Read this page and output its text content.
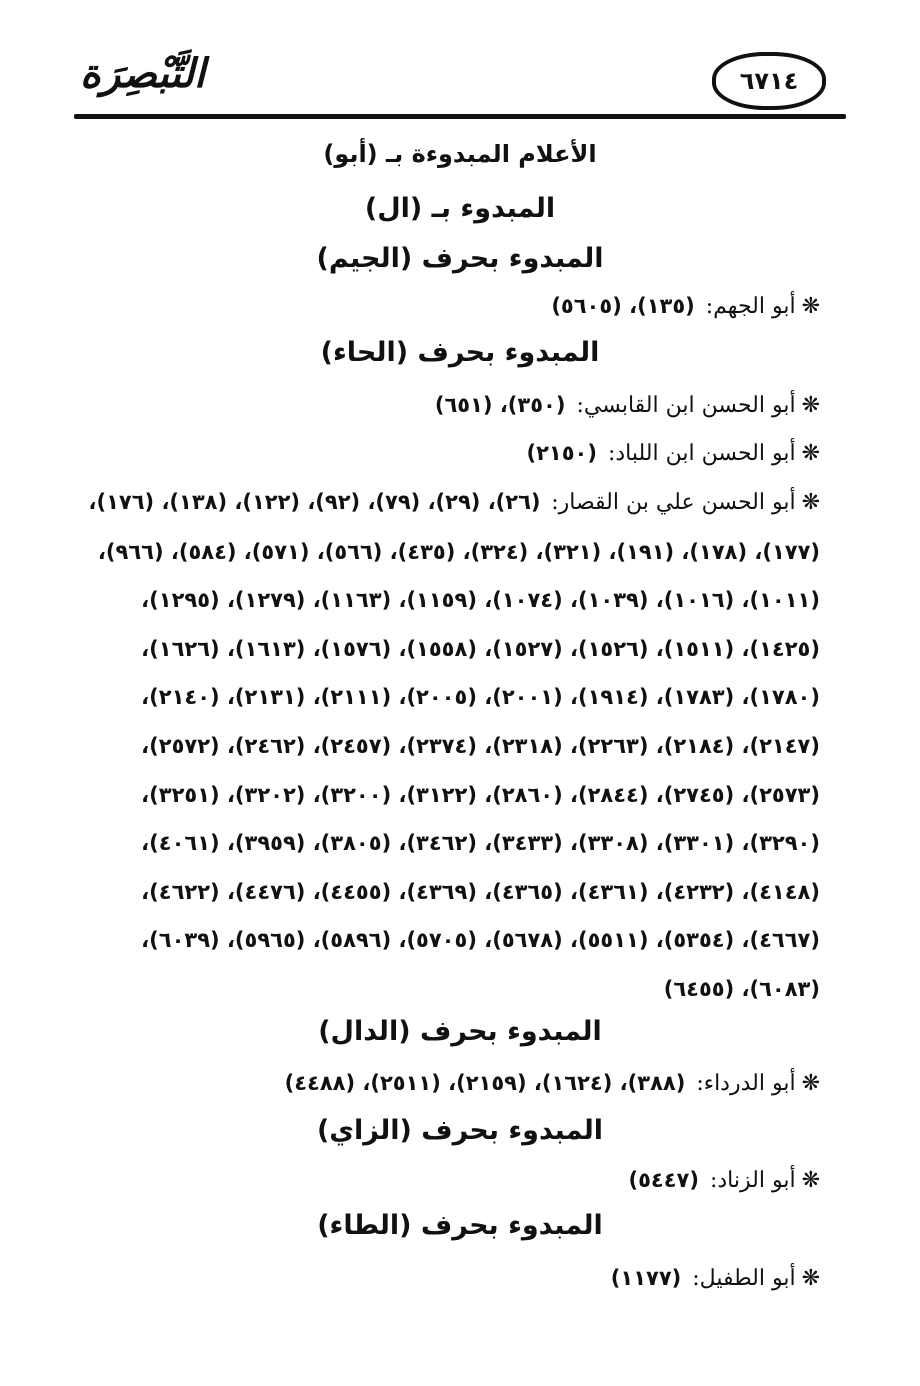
٦٧١٤
التَّبْصِرَة
الأعلام المبدوءة بـ (أبو)
المبدوء بـ (ال)
المبدوء بحرف (الجيم)
❋أبو الجهم: (١٣٥)، (٥٦٠٥)
المبدوء بحرف (الحاء)
❋أبو الحسن ابن القابسي: (٣٥٠)، (٦٥١)
❋أبو الحسن ابن اللباد: (٢١٥٠)
❋أبو الحسن علي بن القصار: (٢٦)، (٢٩)، (٧٩)، (٩٢)، (١٢٢)، (١٣٨)، (١٧٦)،
(١٧٧)، (١٧٨)، (١٩١)، (٣٢١)، (٣٢٤)، (٤٣٥)، (٥٦٦)، (٥٧١)، (٥٨٤)، (٩٦٦)،
(١٠١١)، (١٠١٦)، (١٠٣٩)، (١٠٧٤)، (١١٥٩)، (١١٦٣)، (١٢٧٩)، (١٢٩٥)،
(١٤٢٥)، (١٥١١)، (١٥٢٦)، (١٥٢٧)، (١٥٥٨)، (١٥٧٦)، (١٦١٣)، (١٦٢٦)،
(١٧٨٠)، (١٧٨٣)، (١٩١٤)، (٢٠٠١)، (٢٠٠٥)، (٢١١١)، (٢١٣١)، (٢١٤٠)،
(٢١٤٧)، (٢١٨٤)، (٢٢٦٣)، (٢٣١٨)، (٢٣٧٤)، (٢٤٥٧)، (٢٤٦٢)، (٢٥٧٢)،
(٢٥٧٣)، (٢٧٤٥)، (٢٨٤٤)، (٢٨٦٠)، (٣١٢٢)، (٣٢٠٠)، (٣٢٠٢)، (٣٢٥١)،
(٣٢٩٠)، (٣٣٠١)، (٣٣٠٨)، (٣٤٣٣)، (٣٤٦٢)، (٣٨٠٥)، (٣٩٥٩)، (٤٠٦١)،
(٤١٤٨)، (٤٢٣٢)، (٤٣٦١)، (٤٣٦٥)، (٤٣٦٩)، (٤٤٥٥)، (٤٤٧٦)، (٤٦٢٢)،
(٤٦٦٧)، (٥٣٥٤)، (٥٥١١)، (٥٦٧٨)، (٥٧٠٥)، (٥٨٩٦)، (٥٩٦٥)، (٦٠٣٩)،
(٦٠٨٣)، (٦٤٥٥)
المبدوء بحرف (الدال)
❋أبو الدرداء: (٣٨٨)، (١٦٢٤)، (٢١٥٩)، (٢٥١١)، (٤٤٨٨)
المبدوء بحرف (الزاي)
❋أبو الزناد: (٥٤٤٧)
المبدوء بحرف (الطاء)
❋أبو الطفيل: (١١٧٧)
